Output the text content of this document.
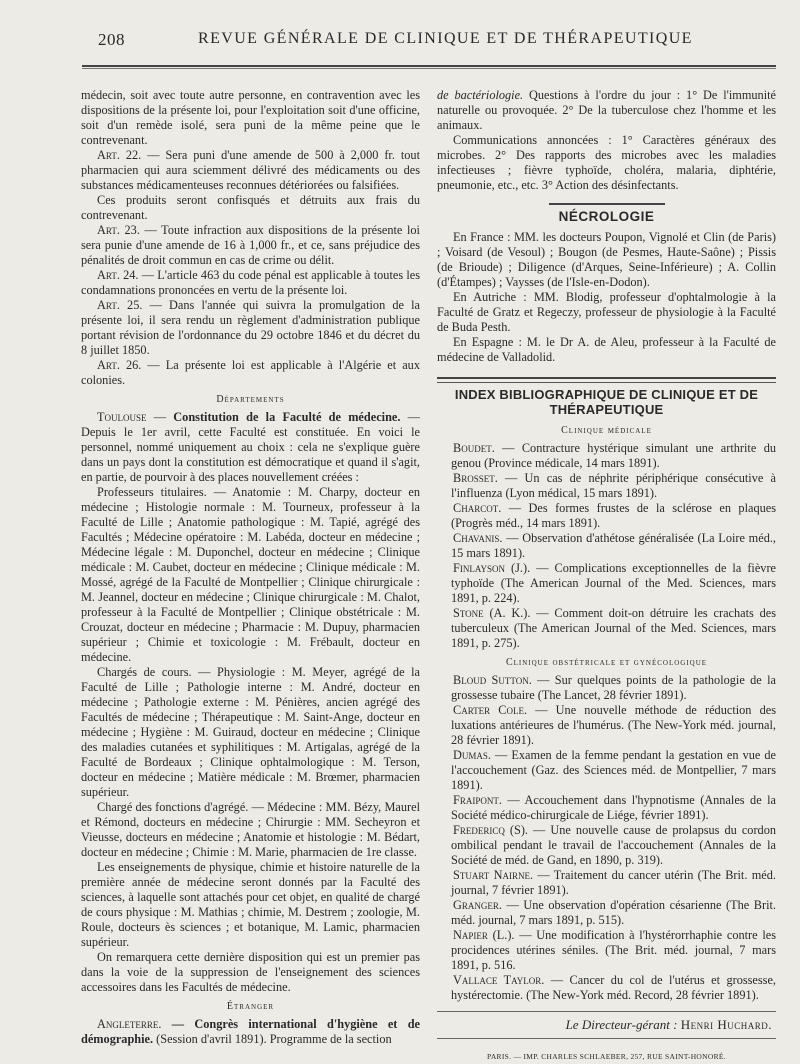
208	REVUE GÉNÉRALE DE CLINIQUE ET DE THÉRAPEUTIQUE

médecin, soit avec toute autre personne, en contravention avec les dispositions de la présente loi, pour l'exploitation soit d'une officine, soit d'un remède isolé, sera puni de la même peine que le contrevenant.

Art. 22. — Sera puni d'une amende de 500 à 2,000 fr. tout pharmacien qui aura sciemment délivré des médicaments ou des substances médicamenteuses reconnues détériorées ou falsifiées.

Ces produits seront confisqués et détruits aux frais du contrevenant.

Art. 23. — Toute infraction aux dispositions de la présente loi sera punie d'une amende de 16 à 1,000 fr., et ce, sans préjudice des pénalités de droit commun en cas de crime ou délit.

Art. 24. — L'article 463 du code pénal est applicable à toutes les condamnations prononcées en vertu de la présente loi.

Art. 25. — Dans l'année qui suivra la promulgation de la présente loi, il sera rendu un règlement d'administration publique portant révision de l'ordonnance du 29 octobre 1846 et du décret du 8 juillet 1850.

Art. 26. — La présente loi est applicable à l'Algérie et aux colonies.

Départements

Toulouse — Constitution de la Faculté de médecine. — Depuis le 1er avril, cette Faculté est constituée. En voici le personnel, nommé uniquement au choix : cela ne s'explique guère dans un pays dont la constitution est démocratique et quand il s'agit, en partie, de pourvoir à des places nouvellement créées :

Professeurs titulaires. — Anatomie : M. Charpy, docteur en médecine ; Histologie normale : M. Tourneux, professeur à la Faculté de Lille ; Anatomie pathologique : M. Tapié, agrégé des Facultés ; Médecine opératoire : M. Labéda, docteur en médecine ; Médecine légale : M. Duponchel, docteur en médecine ; Clinique médicale : M. Caubet, docteur en médecine ; Clinique médicale : M. Mossé, agrégé de la Faculté de Montpellier ; Clinique chirurgicale : M. Jeannel, docteur en médecine ; Clinique chirurgicale : M. Chalot, professeur à la Faculté de Montpellier ; Clinique obstétricale : M. Crouzat, docteur en médecine ; Pharmacie : M. Dupuy, pharmacien supérieur ; Chimie et toxicologie : M. Frébault, docteur en médecine.

Chargés de cours. — Physiologie : M. Meyer, agrégé de la Faculté de Lille ; Pathologie interne : M. André, docteur en médecine ; Pathologie externe : M. Pénières, ancien agrégé des Facultés de médecine ; Thérapeutique : M. Saint-Ange, docteur en médecine ; Hygiène : M. Guiraud, docteur en médecine ; Clinique des maladies cutanées et syphilitiques : M. Artigalas, agrégé de la Faculté de Bordeaux ; Clinique ophtalmologique : M. Terson, docteur en médecine ; Matière médicale : M. Brœmer, pharmacien supérieur.

Chargé des fonctions d'agrégé. — Médecine : MM. Bézy, Maurel et Rémond, docteurs en médecine ; Chirurgie : MM. Secheyron et Vieusse, docteurs en médecine ; Anatomie et histologie : M. Bédart, docteur en médecine ; Chimie : M. Marie, pharmacien de 1re classe.

Les enseignements de physique, chimie et histoire naturelle de la première année de médecine seront donnés par la Faculté des sciences, à laquelle sont attachés pour cet objet, en qualité de chargé de cours physique : M. Mathias ; chimie, M. Destrem ; zoologie, M. Roule, docteurs ès sciences ; et botanique, M. Lamic, pharmacien supérieur.

On remarquera cette dernière disposition qui est un premier pas dans la voie de la suppression de l'enseignement des sciences accessoires dans les Facultés de médecine.

Étranger

Angleterre. — Congrès international d'hygiène et de démographie. (Session d'avril 1891). Programme de la section

de bactériologie. Questions à l'ordre du jour : 1° De l'immunité naturelle ou provoquée. 2° De la tuberculose chez l'homme et les animaux.

Communications annoncées : 1° Caractères généraux des microbes. 2° Des rapports des microbes avec les maladies infectieuses ; fièvre typhoïde, choléra, malaria, diphtérie, pneumonie, etc., etc. 3° Action des désinfectants.

NÉCROLOGIE

En France : MM. les docteurs Poupon, Vignolé et Clin (de Paris) ; Voisard (de Vesoul) ; Bougon (de Pesmes, Haute-Saône) ; Pissis (de Brioude) ; Diligence (d'Arques, Seine-Inférieure) ; A. Collin (d'Étampes) ; Vaysses (de l'Isle-en-Dodon).

En Autriche : MM. Blodig, professeur d'ophtalmologie à la Faculté de Gratz et Regeczy, professeur de physiologie à la Faculté de Buda Pesth.

En Espagne : M. le Dr A. de Aleu, professeur à la Faculté de médecine de Valladolid.

INDEX BIBLIOGRAPHIQUE DE CLINIQUE ET DE THÉRAPEUTIQUE
Clinique médicale

Boudet. — Contracture hystérique simulant une arthrite du genou (Province médicale, 14 mars 1891).

Brosset. — Un cas de néphrite périphérique consécutive à l'influenza (Lyon médical, 15 mars 1891).

Charcot. — Des formes frustes de la sclérose en plaques (Progrès méd., 14 mars 1891).

Chavanis. — Observation d'athétose généralisée (La Loire méd., 15 mars 1891).

Finlayson (J.). — Complications exceptionnelles de la fièvre typhoïde (The American Journal of the Med. Sciences, mars 1891, p. 224).

Stone (A. K.). — Comment doit-on détruire les crachats des tuberculeux (The American Journal of the Med. Sciences, mars 1891, p. 275).

Clinique obstétricale et gynécologique

Bloud Sutton. — Sur quelques points de la pathologie de la grossesse tubaire (The Lancet, 28 février 1891).

Carter Cole. — Une nouvelle méthode de réduction des luxations antérieures de l'humérus. (The New-York méd. journal, 28 février 1891).

Dumas. — Examen de la femme pendant la gestation en vue de l'accouchement (Gaz. des Sciences méd. de Montpellier, 7 mars 1891).

Fraipont. — Accouchement dans l'hypnotisme (Annales de la Société médico-chirurgicale de Liége, février 1891).

Fredericq (S). — Une nouvelle cause de prolapsus du cordon ombilical pendant le travail de l'accouchement (Annales de la Société de méd. de Gand, en 1890, p. 319).

Stuart Nairne. — Traitement du cancer utérin (The Brit. méd. journal, 7 février 1891).

Granger. — Une observation d'opération césarienne (The Brit. méd. journal, 7 mars 1891, p. 515).

Napier (L.). — Une modification à l'hystérorrhaphie contre les procidences utérines séniles. (The Brit. méd. journal, 7 mars 1891, p. 516.

Vallace Taylor. — Cancer du col de l'utérus et grossesse, hystérectomie. (The New-York méd. Record, 28 février 1891).

Le Directeur-gérant : Henri Huchard.
PARIS. — IMP. CHARLES SCHLAEBER, 257, RUE SAINT-HONORÉ.
